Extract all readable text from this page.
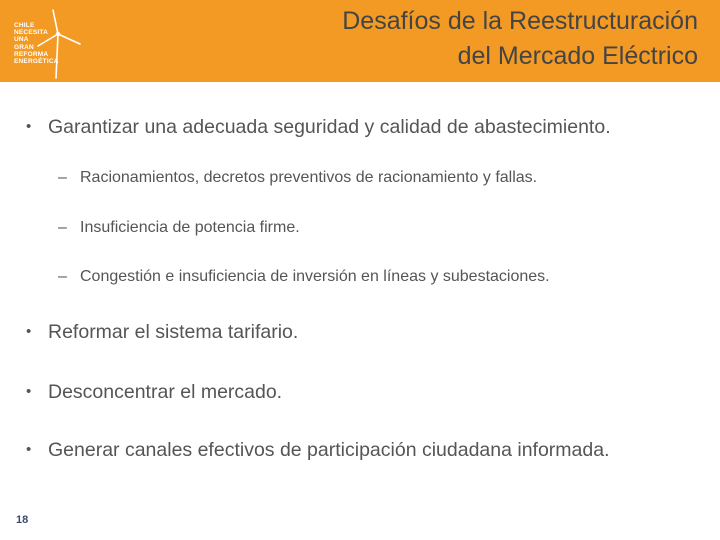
CHILE
NECESITA
UNA
GRAN
REFORMA
ENERGÉTICA
Desafíos de la Reestructuración
del Mercado Eléctrico
• Garantizar una adecuada seguridad y calidad de abastecimiento.
– Racionamientos, decretos preventivos de racionamiento y fallas.
– Insuficiencia de potencia firme.
– Congestión e insuficiencia de inversión en líneas y subestaciones.
• Reformar el sistema tarifario.
• Desconcentrar el mercado.
• Generar canales efectivos de participación ciudadana informada.
18
